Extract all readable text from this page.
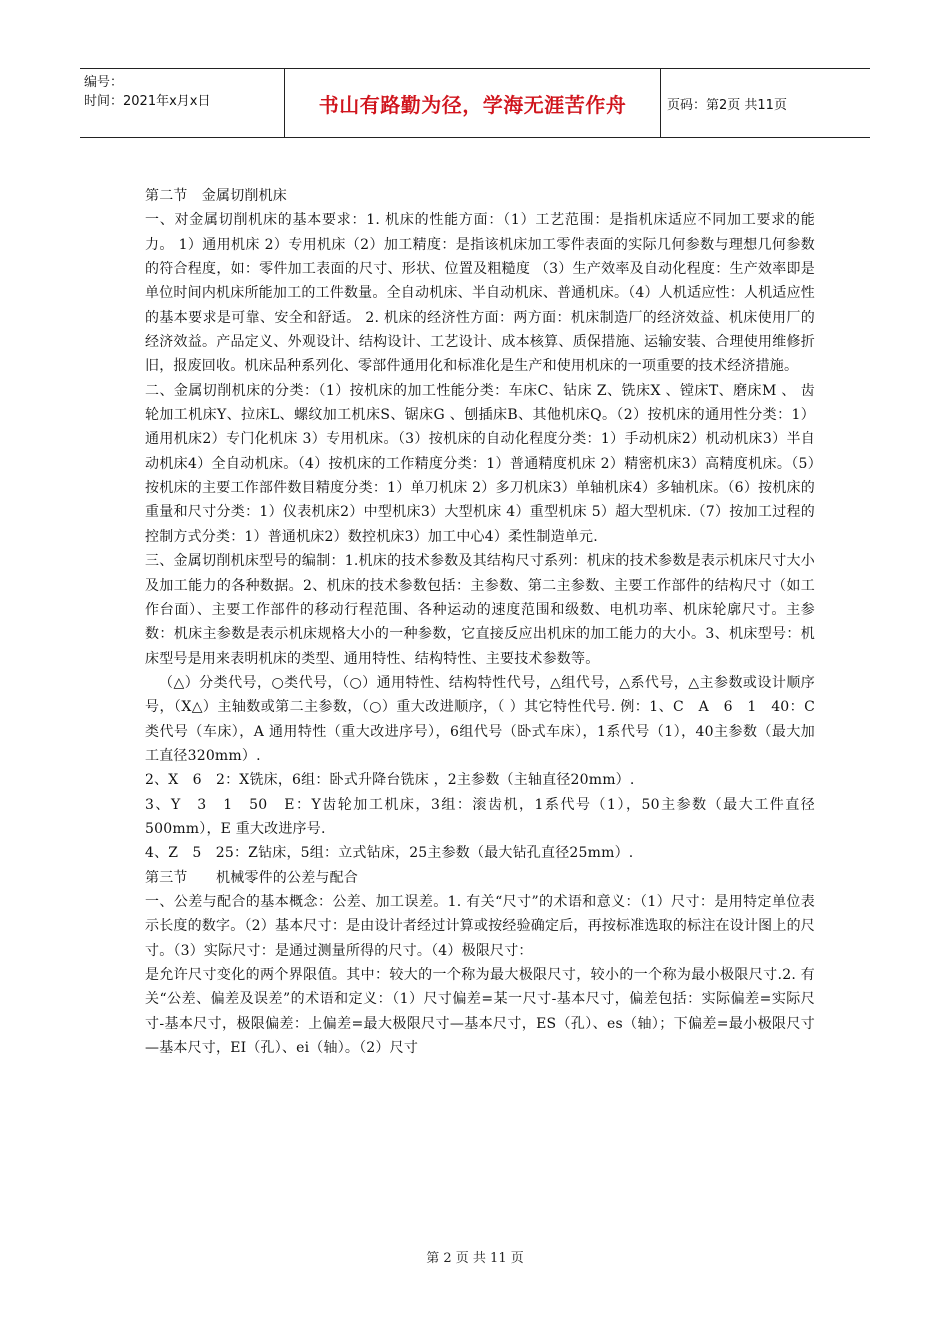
编号：
时间：2021年x月x日	书山有路勤为径，学海无涯苦作舟	页码：第2页 共11页

第二节　金属切削机床

一、对金属切削机床的基本要求：1. 机床的性能方面：（1）工艺范围：是指机床适应不同加工要求的能力。 1）通用机床 2）专用机床（2）加工精度：是指该机床加工零件表面的实际几何参数与理想几何参数的符合程度，如：零件加工表面的尺寸、形状、位置及粗糙度 （3）生产效率及自动化程度：生产效率即是单位时间内机床所能加工的工件数量。全自动机床、半自动机床、普通机床。（4）人机适应性：人机适应性的基本要求是可靠、安全和舒适。 2. 机床的经济性方面：两方面：机床制造厂的经济效益、机床使用厂的经济效益。产品定义、外观设计、结构设计、工艺设计、成本核算、质保措施、运输安装、合理使用维修折旧，报废回收。机床品种系列化、零部件通用化和标准化是生产和使用机床的一项重要的技术经济措施。

二、金属切削机床的分类：（1）按机床的加工性能分类：车床C、钻床 Z、铣床X 、镗床T、磨床M 、 齿轮加工机床Y、拉床L、螺纹加工机床S、锯床G 、刨插床B、其他机床Q。（2）按机床的通用性分类：1）通用机床2）专门化机床 3）专用机床。（3）按机床的自动化程度分类：1）手动机床2）机动机床3）半自动机床4）全自动机床。（4）按机床的工作精度分类：1）普通精度机床 2）精密机床3）高精度机床。（5）按机床的主要工作部件数目精度分类：1）单刀机床 2）多刀机床3）单轴机床4）多轴机床。（6）按机床的重量和尺寸分类：1）仪表机床2）中型机床3）大型机床 4）重型机床 5）超大型机床.（7）按加工过程的控制方式分类：1）普通机床2）数控机床3）加工中心4）柔性制造单元.

三、金属切削机床型号的编制：1.机床的技术参数及其结构尺寸系列：机床的技术参数是表示机床尺寸大小及加工能力的各种数据。2、机床的技术参数包括：主参数、第二主参数、主要工作部件的结构尺寸（如工作台面）、主要工作部件的移动行程范围、各种运动的速度范围和级数、电机功率、机床轮廓尺寸。主参数：机床主参数是表示机床规格大小的一种参数，它直接反应出机床的加工能力的大小。3、机床型号：机床型号是用来表明机床的类型、通用特性、结构特性、主要技术参数等。

（△）分类代号，○类代号，（○）通用特性、结构特性代号，△组代号，△系代号，△主参数或设计顺序号，（X△）主轴数或第二主参数，（○）重大改进顺序，（ ）其它特性代号. 例：1、C　A　6　1　40：C 类代号（车床），A 通用特性（重大改进序号），6组代号（卧式车床），1系代号（1），40主参数（最大加工直径320mm）.

2、X　6　2：X铣床，6组：卧式升降台铣床 ，2主参数（主轴直径20mm）.

3、Y　3　1　50　E：Y齿轮加工机床，3组：滚齿机，1系代号（1），50主参数（最大工件直径500mm），E 重大改进序号.

4、Z　5　25：Z钻床，5组：立式钻床，25主参数（最大钻孔直径25mm）.

第三节　　机械零件的公差与配合

一、公差与配合的基本概念：公差、加工误差。1. 有关“尺寸”的术语和意义：（1）尺寸：是用特定单位表示长度的数字。（2）基本尺寸：是由设计者经过计算或按经验确定后，再按标准选取的标注在设计图上的尺寸。（3）实际尺寸：是通过测量所得的尺寸。（4）极限尺寸：

是允许尺寸变化的两个界限值。其中：较大的一个称为最大极限尺寸，较小的一个称为最小极限尺寸.2. 有关“公差、偏差及误差”的术语和定义：（1）尺寸偏差=某一尺寸-基本尺寸，偏差包括：实际偏差=实际尺寸-基本尺寸，极限偏差：上偏差=最大极限尺寸—基本尺寸，ES（孔）、es（轴）；下偏差=最小极限尺寸—基本尺寸，EI（孔）、ei（轴）。（2）尺寸

第 2 页 共 11 页
